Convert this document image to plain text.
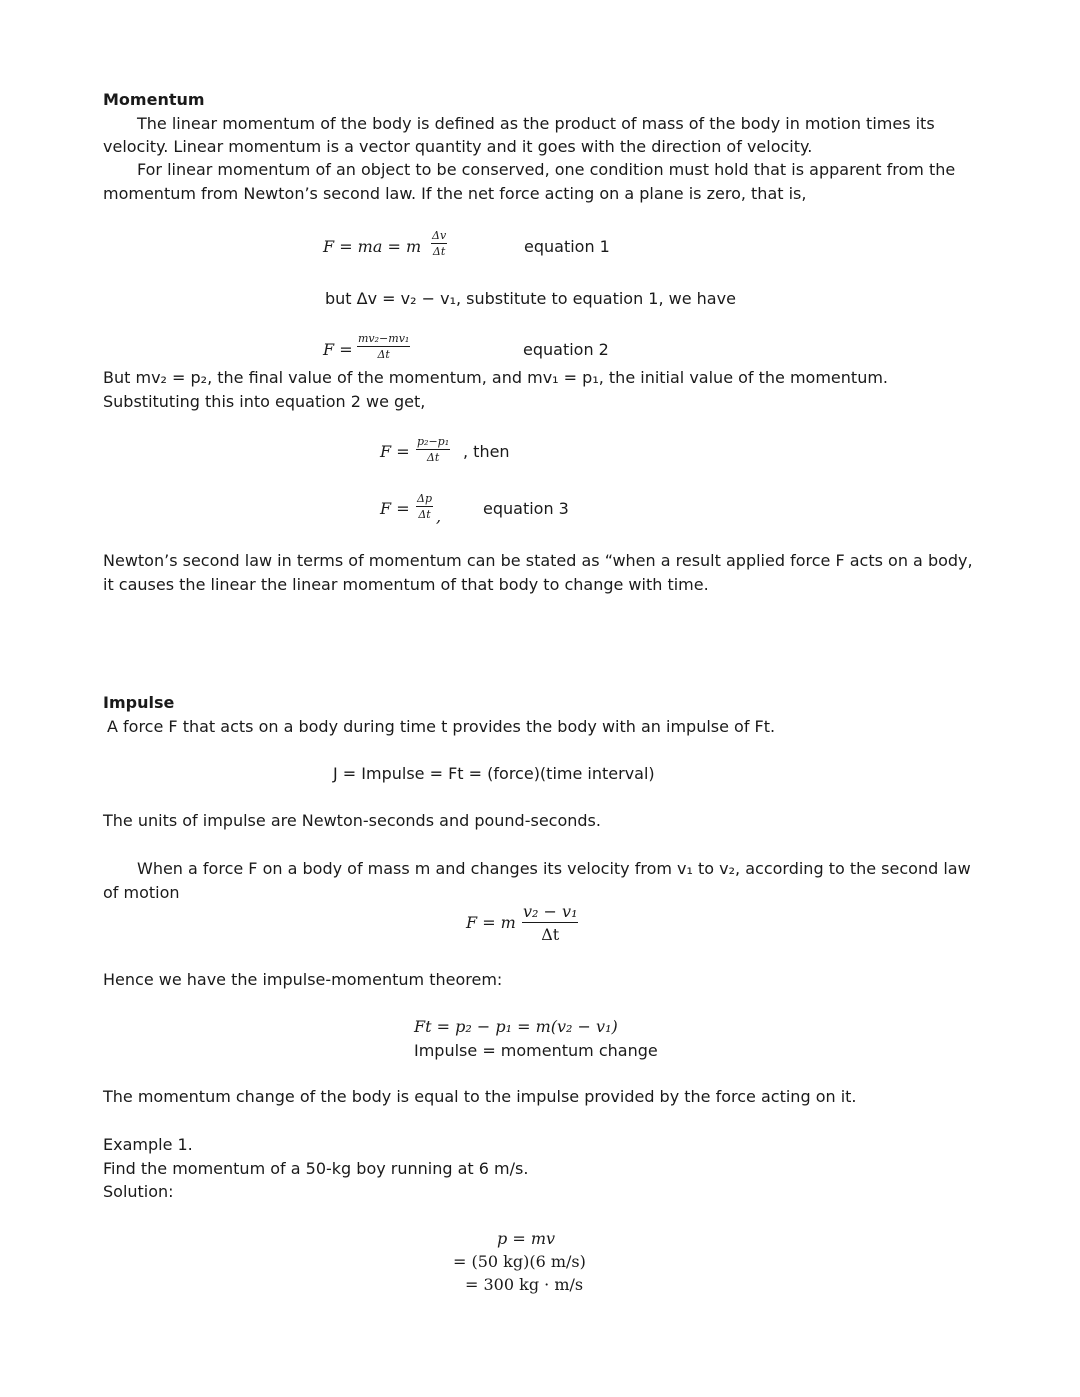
Momentum
The linear momentum of the body is defined as the product of mass of the body in motion times its
velocity. Linear momentum is a vector quantity and it goes with the direction of velocity.
For linear momentum of an object to be conserved, one condition must hold that is apparent from the
momentum from Newton’s second law. If the net force acting on a plane is zero, that is,
F = ma = m
Δv
Δt	equation 1
but Δv = v₂ − v₁, substitute to equation 1, we have
F =
mv₂−mv₁
Δt	equation 2
But mv₂ = p₂, the final value of the momentum, and mv₁ = p₁, the initial value of the momentum.
Substituting this into equation 2 we get,
F =
p₂−p₁
Δt , then
F =
Δp
Δt ,	equation 3
Newton’s second law in terms of momentum can be stated as “when a result applied force F acts on a body,
it causes the linear the linear momentum of that body to change with time.
Impulse
A force F that acts on a body during time t provides the body with an impulse of Ft.
J = Impulse = Ft = (force)(time interval)
The units of impulse are Newton-seconds and pound-seconds.
When a force F on a body of mass m and changes its velocity from v₁ to v₂, according to the second law
of motion
F = m
v₂ − v₁
Δt
Hence we have the impulse-momentum theorem:
Ft = p₂ − p₁ = m(v₂ − v₁)
Impulse = momentum change
The momentum change of the body is equal to the impulse provided by the force acting on it.
Example 1.
Find the momentum of a 50-kg boy running at 6 m/s.
Solution:
p = mv
= (50 kg)(6 m/s)
= 300 kg · m/s
